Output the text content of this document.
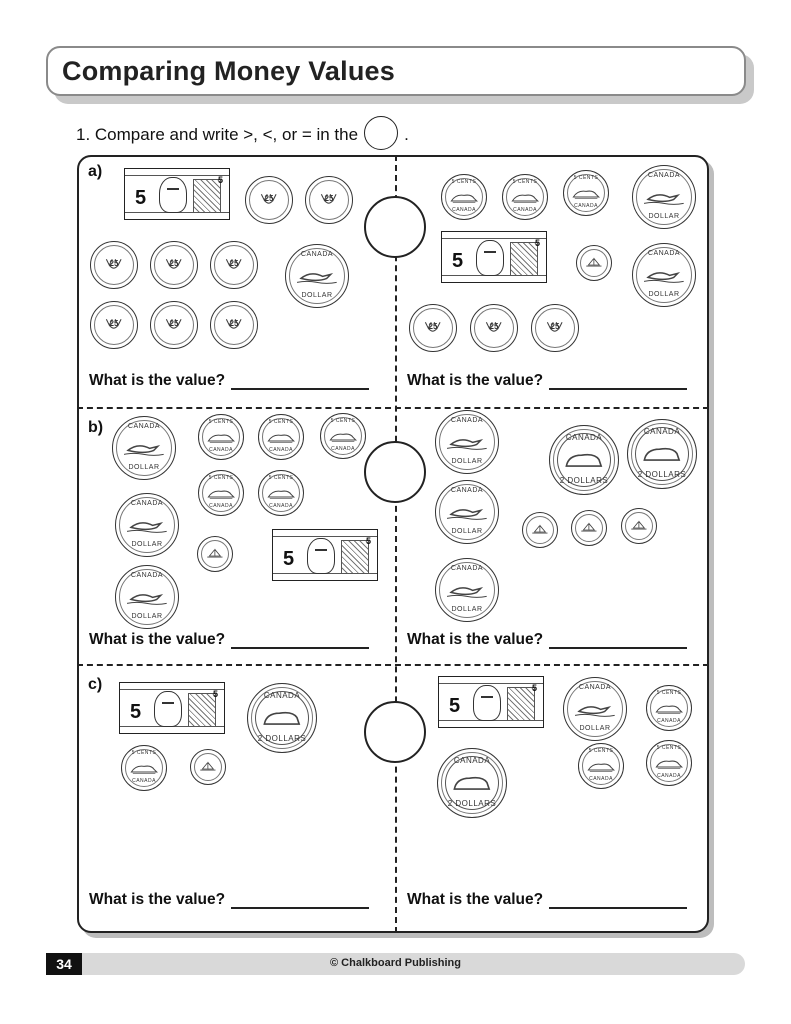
Comparing Money Values
1. Compare and write >, <, or = in the	.
a)
b)
c)
5
5
25	25
25	25	25
CANADA
DOLLAR
25	25	25
5 CENTS
CANADA
5 CENTS
CANADA
5 CENTS
CANADA
CANADA
DOLLAR
5
5
CANADA
DOLLAR
25	25	25
CANADA
DOLLAR
5 CENTS
CANADA
5 CENTS
CANADA
5 CENTS
CANADA
5 CENTS
CANADA
5 CENTS
CANADA
CANADA
DOLLAR
5
5
CANADA
DOLLAR
CANADA
DOLLAR
CANADA
2 DOLLARS
CANADA
2 DOLLARS
CANADA
DOLLAR
CANADA
DOLLAR
5
5	CANADA
2 DOLLARS
5 CENTS
CANADA
5
5	CANADA
DOLLAR
5 CENTS
CANADA
CANADA
2 DOLLARS
5 CENTS
CANADA
5 CENTS
CANADA
What is the value?	What is the value?
What is the value?	What is the value?
What is the value?	What is the value?
34	© Chalkboard Publishing
